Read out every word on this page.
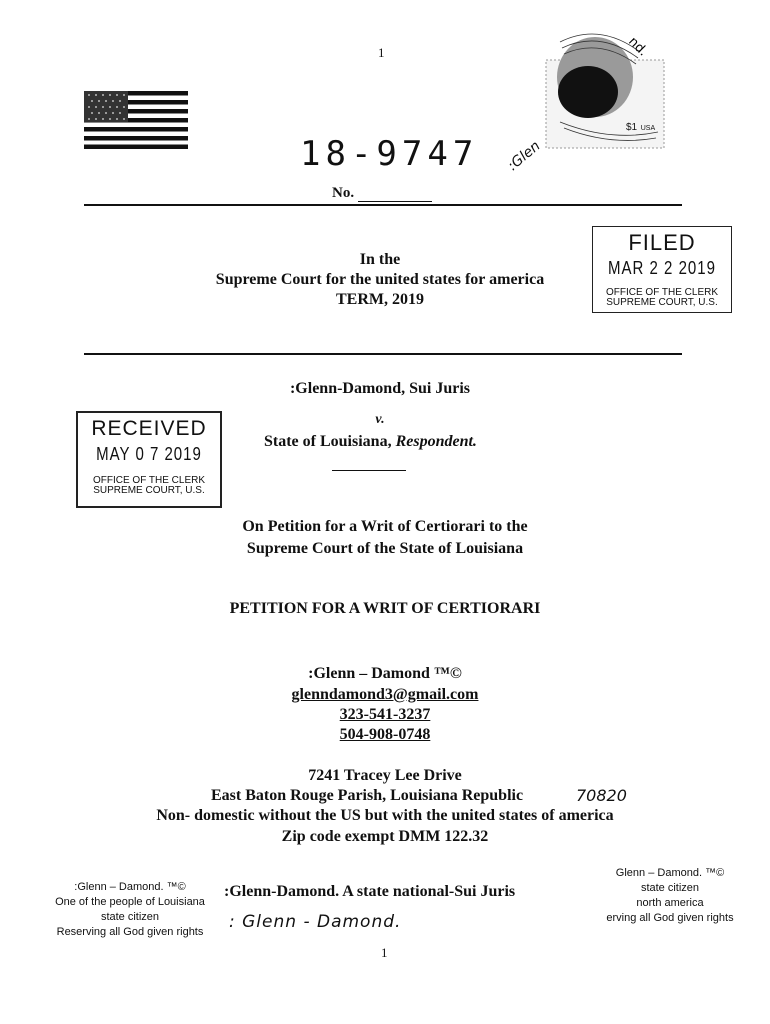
1	nd.
$1 USA
18-9747 :Glen
No.
FILED
MAR 2 2 2019
OFFICE OF THE CLERK
SUPREME COURT, U.S.
In the
Supreme Court for the united states for america
TERM, 2019
:Glenn-Damond, Sui Juris
v.
State of Louisiana, Respondent.
RECEIVED
MAY 0 7 2019
OFFICE OF THE CLERK
SUPREME COURT, U.S.
On Petition for a Writ of Certiorari to the
Supreme Court of the State of Louisiana
PETITION FOR A WRIT OF CERTIORARI
:Glenn – Damond ™©
glenndamond3@gmail.com
323-541-3237
504-908-0748
7241 Tracey Lee Drive
East Baton Rouge Parish, Louisiana Republic	70820
Non- domestic without the US but with the united states of america
Zip code exempt DMM 122.32
:Glenn – Damond. ™©
One of the people of Louisiana
state citizen
Reserving all God given rights
:Glenn-Damond. A state national-Sui Juris
: Glenn - Damond.
Glenn – Damond. ™©
state citizen
north america
erving all God given rights
1
